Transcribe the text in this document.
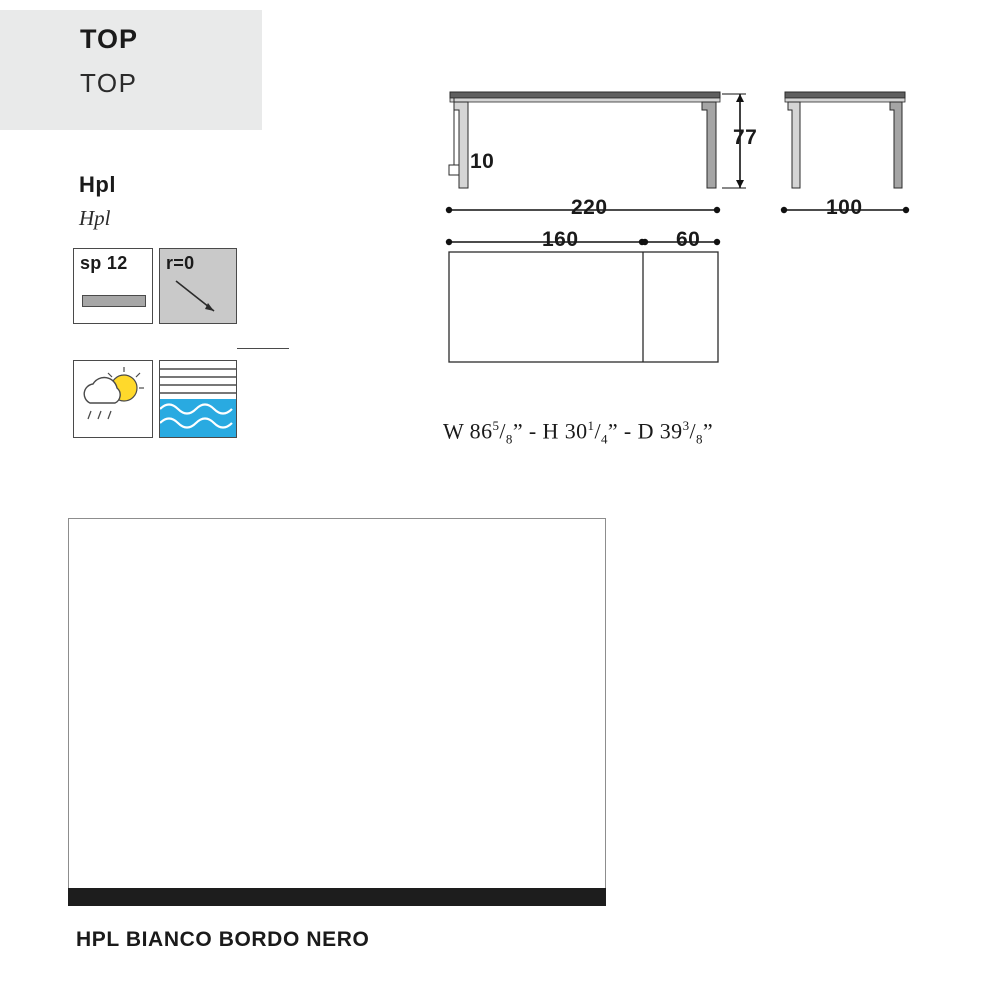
TOP
TOP
Hpl
Hpl
sp 12 r=0
10
77
220	100
160	60
W $86^5/_8$” - H $30^1/_4$” - D $39^3/_8$”
HPL BIANCO BORDO NERO
